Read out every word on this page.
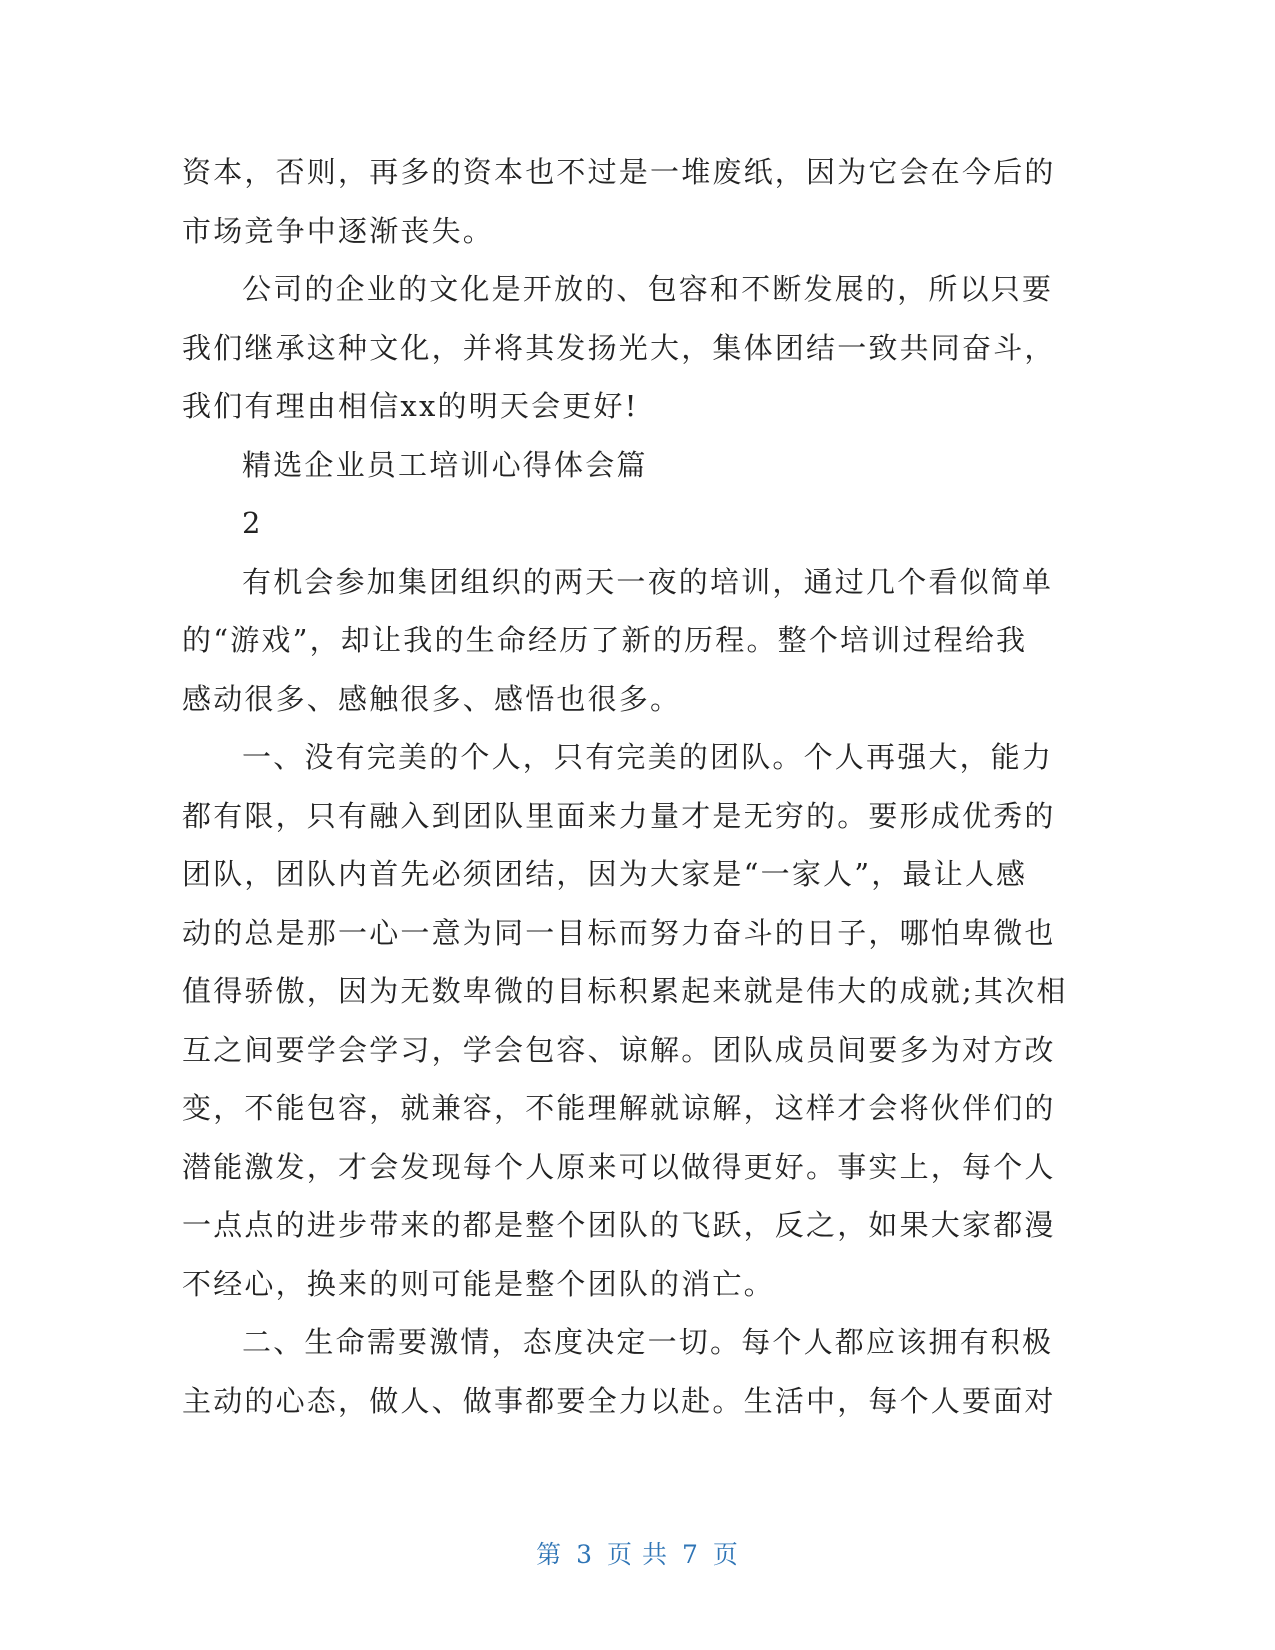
资本，否则，再多的资本也不过是一堆废纸，因为它会在今后的
市场竞争中逐渐丧失。
公司的企业的文化是开放的、包容和不断发展的，所以只要
我们继承这种文化，并将其发扬光大，集体团结一致共同奋斗，
我们有理由相信xx的明天会更好!
精选企业员工培训心得体会篇
2
有机会参加集团组织的两天一夜的培训，通过几个看似简单
的“游戏”，却让我的生命经历了新的历程。整个培训过程给我
感动很多、感触很多、感悟也很多。
一、没有完美的个人，只有完美的团队。个人再强大，能力
都有限，只有融入到团队里面来力量才是无穷的。要形成优秀的
团队，团队内首先必须团结，因为大家是“一家人”，最让人感
动的总是那一心一意为同一目标而努力奋斗的日子，哪怕卑微也
值得骄傲，因为无数卑微的目标积累起来就是伟大的成就;其次相
互之间要学会学习，学会包容、谅解。团队成员间要多为对方改
变，不能包容，就兼容，不能理解就谅解，这样才会将伙伴们的
潜能激发，才会发现每个人原来可以做得更好。事实上，每个人
一点点的进步带来的都是整个团队的飞跃，反之，如果大家都漫
不经心，换来的则可能是整个团队的消亡。
二、生命需要激情，态度决定一切。每个人都应该拥有积极
主动的心态，做人、做事都要全力以赴。生活中，每个人要面对
第 3 页 共 7 页
